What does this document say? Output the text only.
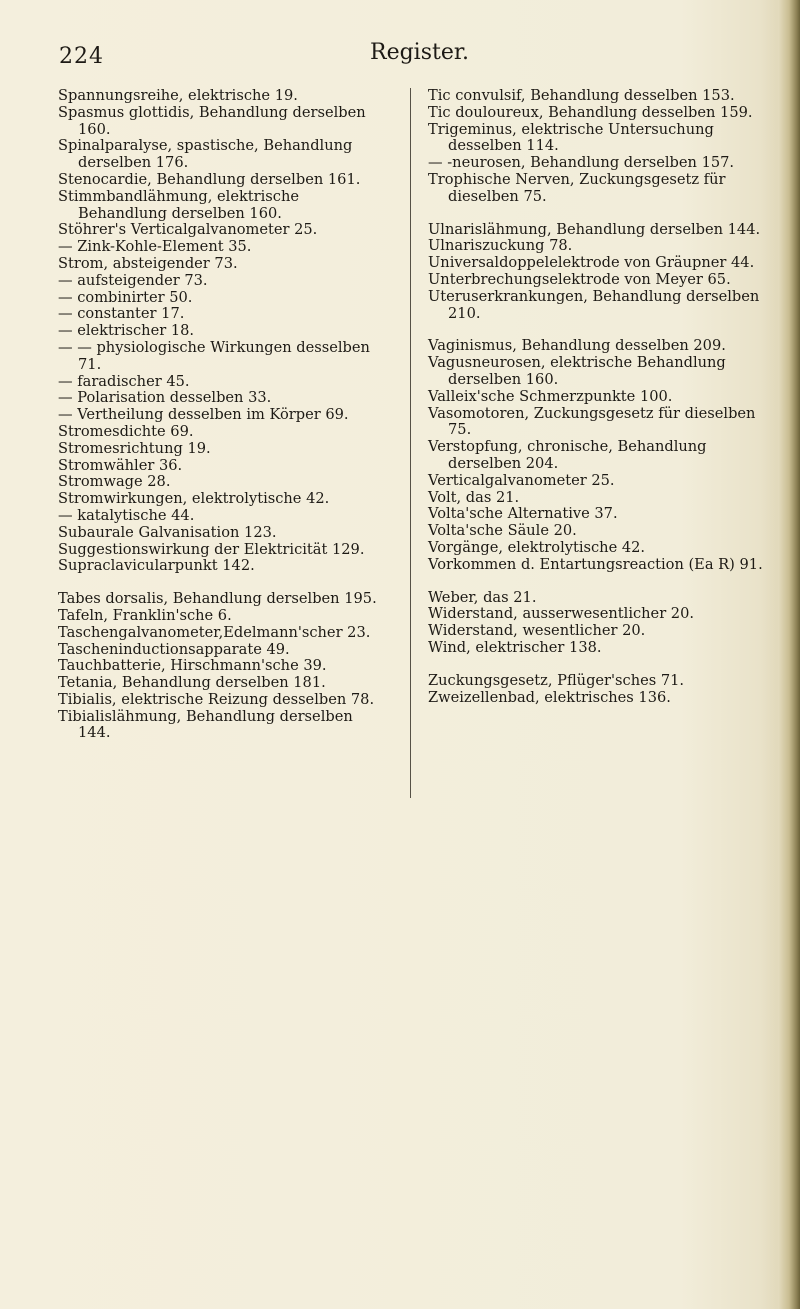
224	Register.

Spannungsreihe, elektrische 19.

Spasmus glottidis, Behandlung derselben 160.

Spinalparalyse, spastische, Behandlung derselben 176.

Stenocardie, Behandlung derselben 161.

Stimmbandlähmung, elektrische Behandlung derselben 160.

Stöhrer's Verticalgalvanometer 25.

— Zink-Kohle-Element 35.

Strom, absteigender 73.

— aufsteigender 73.

— combinirter 50.

— constanter 17.

— elektrischer 18.

— — physiologische Wirkungen desselben 71.

— faradischer 45.

— Polarisation desselben 33.

— Vertheilung desselben im Körper 69.

Stromesdichte 69.

Stromesrichtung 19.

Stromwähler 36.

Stromwage 28.

Stromwirkungen, elektrolytische 42.

— katalytische 44.

Subaurale Galvanisation 123.

Suggestionswirkung der Elektricität 129.

Supraclavicularpunkt 142.

Tabes dorsalis, Behandlung derselben 195.

Tafeln, Franklin'sche 6.

Taschengalvanometer,Edelmann'scher 23.

Tascheninductionsapparate 49.

Tauchbatterie, Hirschmann'sche 39.

Tetania, Behandlung derselben 181.

Tibialis, elektrische Reizung desselben 78.

Tibialislähmung, Behandlung derselben 144.

Tic convulsif, Behandlung desselben 153.

Tic douloureux, Behandlung desselben 159.

Trigeminus, elektrische Untersuchung desselben 114.

— -neurosen, Behandlung derselben 157.

Trophische Nerven, Zuckungsgesetz für dieselben 75.

Ulnarislähmung, Behandlung derselben 144.

Ulnariszuckung 78.

Universaldoppelelektrode von Gräupner 44.

Unterbrechungselektrode von Meyer 65.

Uteruserkrankungen, Behandlung derselben 210.

Vaginismus, Behandlung desselben 209.

Vagusneurosen, elektrische Behandlung derselben 160.

Valleix'sche Schmerzpunkte 100.

Vasomotoren, Zuckungsgesetz für dieselben 75.

Verstopfung, chronische, Behandlung derselben 204.

Verticalgalvanometer 25.

Volt, das 21.

Volta'sche Alternative 37.

Volta'sche Säule 20.

Vorgänge, elektrolytische 42.

Vorkommen d. Entartungsreaction (Ea R) 91.

Weber, das 21.

Widerstand, ausserwesentlicher 20.

Widerstand, wesentlicher 20.

Wind, elektrischer 138.

Zuckungsgesetz, Pflüger'sches 71.

Zweizellenbad, elektrisches 136.
